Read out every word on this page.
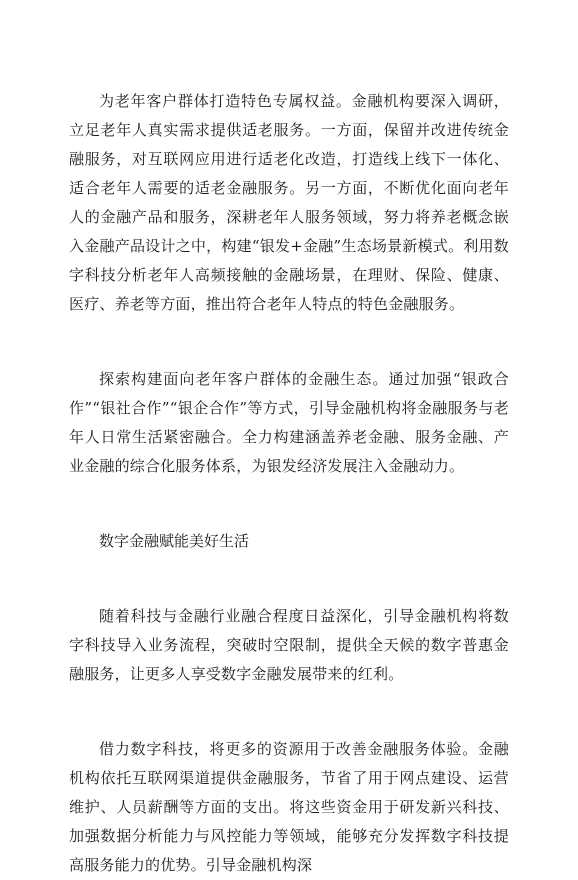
为老年客户群体打造特色专属权益。金融机构要深入调研，立足老年人真实需求提供适老服务。一方面，保留并改进传统金融服务，对互联网应用进行适老化改造，打造线上线下一体化、适合老年人需要的适老金融服务。另一方面，不断优化面向老年人的金融产品和服务，深耕老年人服务领域，努力将养老概念嵌入金融产品设计之中，构建“银发+金融”生态场景新模式。利用数字科技分析老年人高频接触的金融场景，在理财、保险、健康、医疗、养老等方面，推出符合老年人特点的特色金融服务。

探索构建面向老年客户群体的金融生态。通过加强“银政合作”“银社合作”“银企合作”等方式，引导金融机构将金融服务与老年人日常生活紧密融合。全力构建涵盖养老金融、服务金融、产业金融的综合化服务体系，为银发经济发展注入金融动力。

数字金融赋能美好生活

随着科技与金融行业融合程度日益深化，引导金融机构将数字科技导入业务流程，突破时空限制，提供全天候的数字普惠金融服务，让更多人享受数字金融发展带来的红利。

借力数字科技，将更多的资源用于改善金融服务体验。金融机构依托互联网渠道提供金融服务，节省了用于网点建设、运营维护、人员薪酬等方面的支出。将这些资金用于研发新兴科技、加强数据分析能力与风控能力等领域，能够充分发挥数字科技提高服务能力的优势。引导金融机构深
